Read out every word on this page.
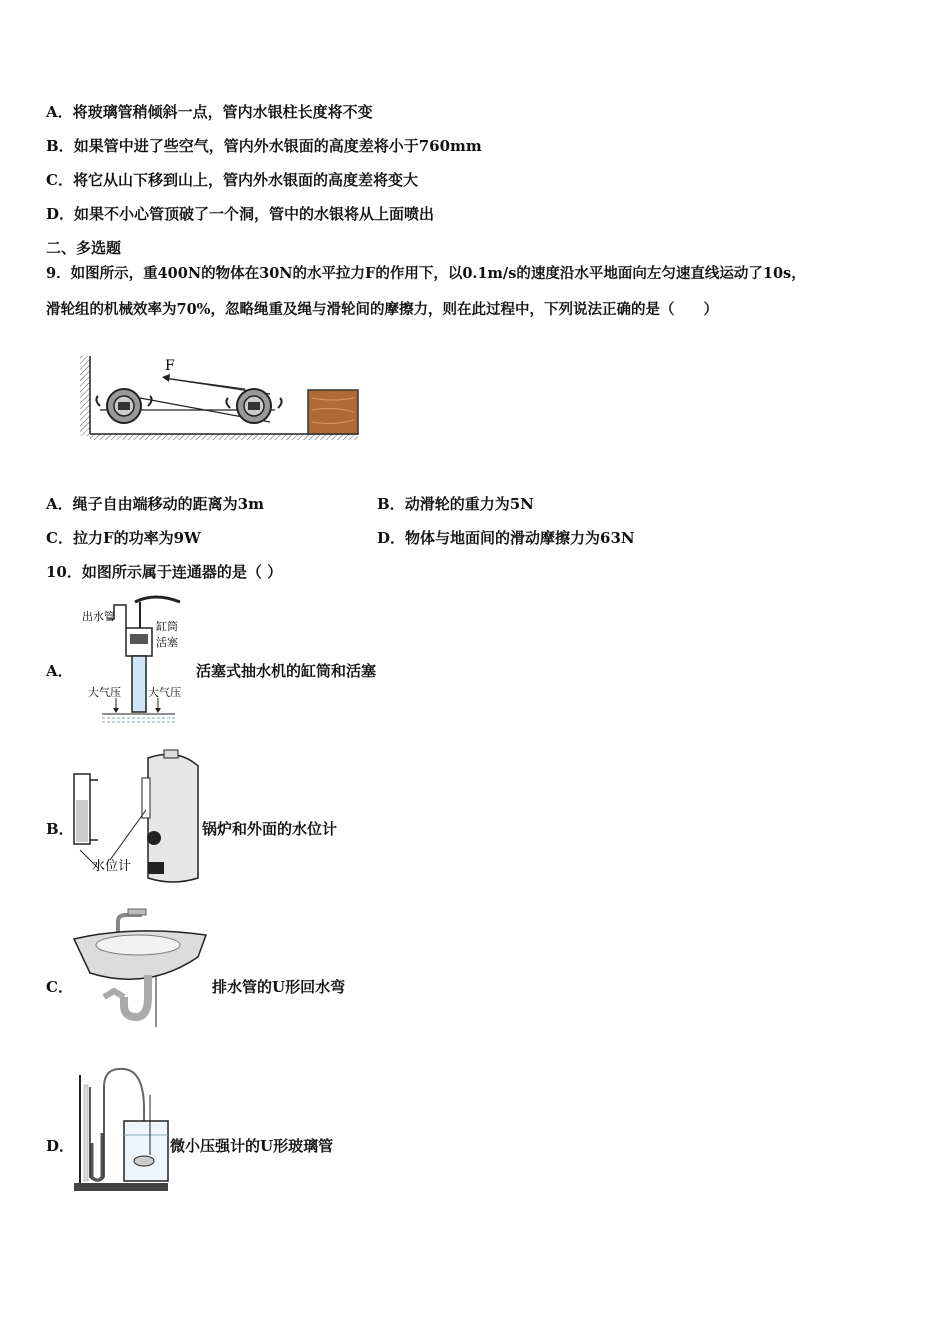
A．将玻璃管稍倾斜一点，管内水银柱长度将不变
B．如果管中进了些空气，管内外水银面的高度差将小于760mm
C．将它从山下移到山上，管内外水银面的高度差将变大
D．如果不小心管顶破了一个洞，管中的水银将从上面喷出
二、多选题
9．如图所示，重400N的物体在30N的水平拉力F的作用下，以0.1m/s的速度沿水平地面向左匀速直线运动了10s，
滑轮组的机械效率为70%，忽略绳重及绳与滑轮间的摩擦力，则在此过程中，下列说法正确的是（　　）
F
A．绳子自由端移动的距离为3m	B．动滑轮的重力为5N
C．拉力F的功率为9W	D．物体与地面间的滑动摩擦力为63N
10．如图所示属于连通器的是（ ）
A．
出水管
缸筒
活塞
大气压 大气压
活塞式抽水机的缸筒和活塞
B．
水位计
锅炉和外面的水位计
C．	排水管的U形回水弯
D．	微小压强计的U形玻璃管
